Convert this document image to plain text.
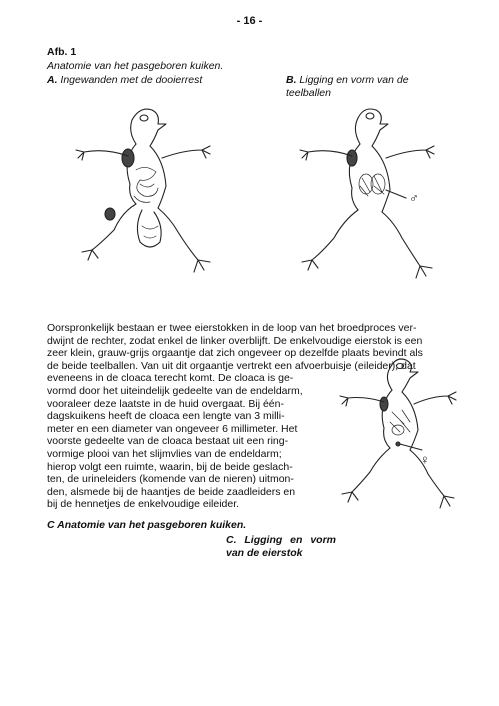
- 16 -
Afb. 1
Anatomie van het pasgeboren kuiken.
A. Ingewanden met de dooierrest	B. Ligging en vorm van de teelballen
♂
Oorspronkelijk bestaan er twee eierstokken in de loop van het broedproces ver-
dwijnt de rechter, zodat enkel de linker overblijft. De enkelvoudige eierstok is een
zeer klein, grauw-grijs orgaantje dat zich ongeveer op dezelfde plaats bevindt als
de beide teelballen. Van uit dit orgaantje vertrekt een afvoerbuisje (eileider), dat
eveneens in de cloaca terecht komt. De cloaca is ge-
vormd door het uiteindelijk gedeelte van de endeldarm,
vooraleer deze laatste in de huid overgaat. Bij één-
dagskuikens heeft de cloaca een lengte van 3 milli-
meter en een diameter van ongeveer 6 millimeter. Het
voorste gedeelte van de cloaca bestaat uit een ring-
vormige plooi van het slijmvlies van de endeldarm;
hierop volgt een ruimte, waarin, bij de beide geslach-
ten, de urineleiders (komende van de nieren) uitmon-
den, alsmede bij de haantjes de beide zaadleiders en
bij de hennetjes de enkelvoudige eileider.
♀
C Anatomie van het pasgeboren kuiken.
C. Ligging en vorm van de eierstok
